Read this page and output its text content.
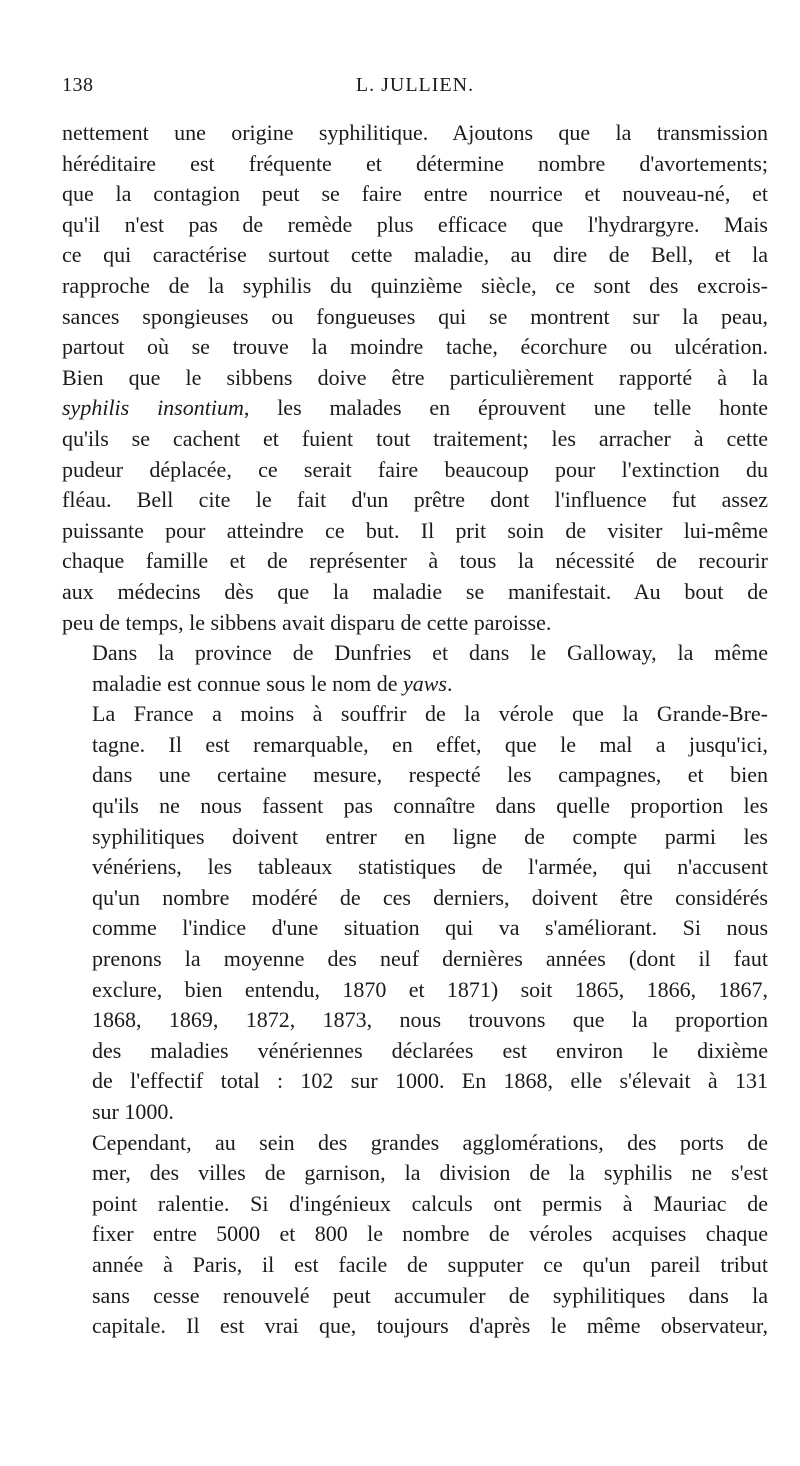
138	L. JULLIEN.

nettement une origine syphilitique. Ajoutons que la transmission
héréditaire est fréquente et détermine nombre d'avortements;
que la contagion peut se faire entre nourrice et nouveau-né, et
qu'il n'est pas de remède plus efficace que l'hydrargyre. Mais
ce qui caractérise surtout cette maladie, au dire de Bell, et la
rapproche de la syphilis du quinzième siècle, ce sont des excrois-
sances spongieuses ou fongueuses qui se montrent sur la peau,
partout où se trouve la moindre tache, écorchure ou ulcération.
Bien que le sibbens doive être particulièrement rapporté à la
syphilis insontium, les malades en éprouvent une telle honte
qu'ils se cachent et fuient tout traitement; les arracher à cette
pudeur déplacée, ce serait faire beaucoup pour l'extinction du
fléau. Bell cite le fait d'un prêtre dont l'influence fut assez
puissante pour atteindre ce but. Il prit soin de visiter lui-même
chaque famille et de représenter à tous la nécessité de recourir
aux médecins dès que la maladie se manifestait. Au bout de
peu de temps, le sibbens avait disparu de cette paroisse.

Dans la province de Dunfries et dans le Galloway, la même
maladie est connue sous le nom de yaws.

La France a moins à souffrir de la vérole que la Grande-Bre-
tagne. Il est remarquable, en effet, que le mal a jusqu'ici,
dans une certaine mesure, respecté les campagnes, et bien
qu'ils ne nous fassent pas connaître dans quelle proportion les
syphilitiques doivent entrer en ligne de compte parmi les
vénériens, les tableaux statistiques de l'armée, qui n'accusent
qu'un nombre modéré de ces derniers, doivent être considérés
comme l'indice d'une situation qui va s'améliorant. Si nous
prenons la moyenne des neuf dernières années (dont il faut
exclure, bien entendu, 1870 et 1871) soit 1865, 1866, 1867,
1868, 1869, 1872, 1873, nous trouvons que la proportion
des maladies vénériennes déclarées est environ le dixième
de l'effectif total : 102 sur 1000. En 1868, elle s'élevait à 131
sur 1000.

Cependant, au sein des grandes agglomérations, des ports de
mer, des villes de garnison, la division de la syphilis ne s'est
point ralentie. Si d'ingénieux calculs ont permis à Mauriac de
fixer entre 5000 et 800 le nombre de véroles acquises chaque
année à Paris, il est facile de supputer ce qu'un pareil tribut
sans cesse renouvelé peut accumuler de syphilitiques dans la
capitale. Il est vrai que, toujours d'après le même observateur,
